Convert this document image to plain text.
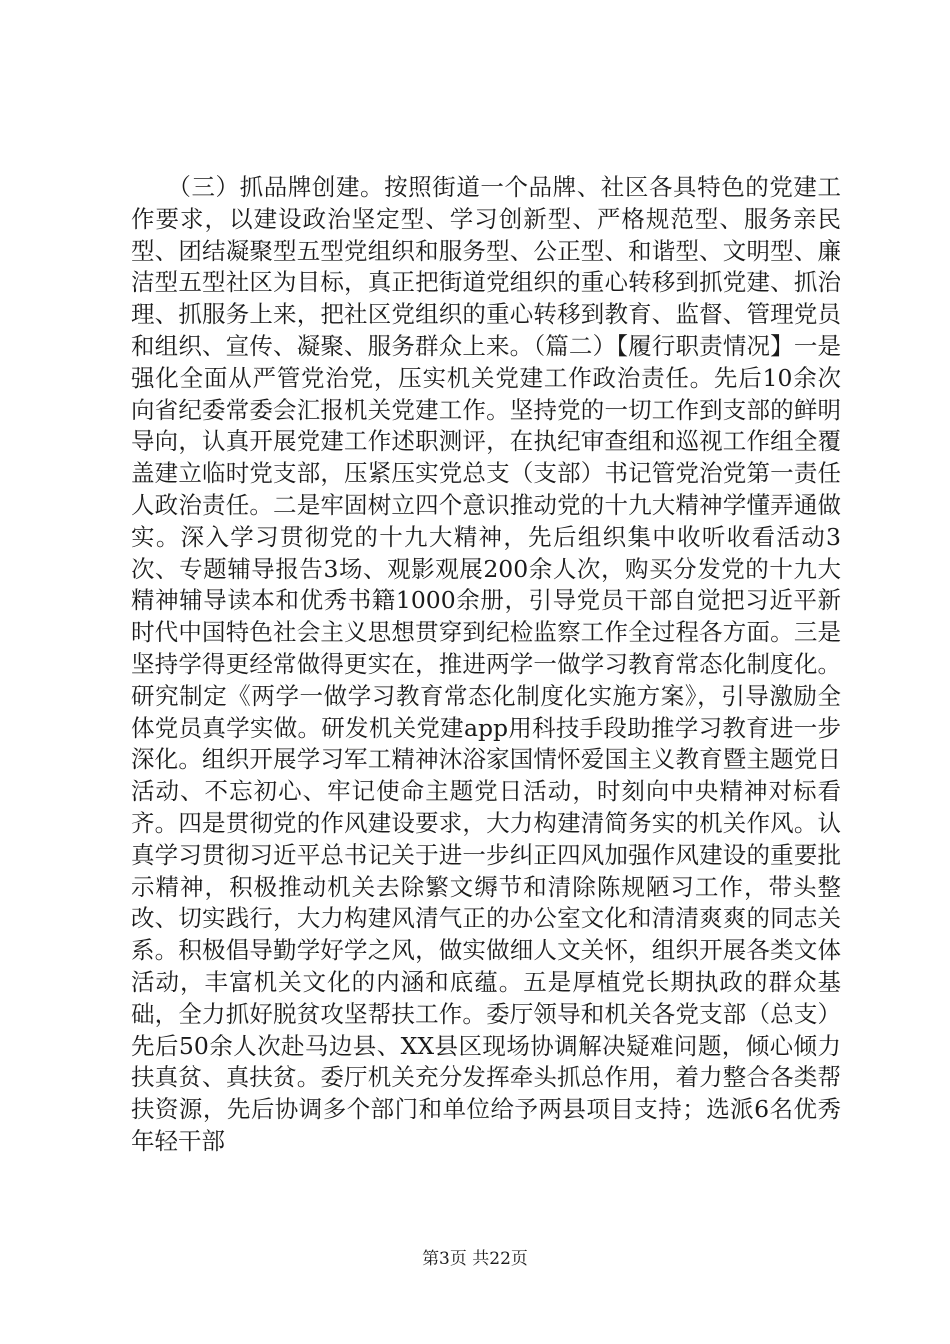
　　（三）抓品牌创建。按照街道一个品牌、社区各具特色的党建工作要求，以建设政治坚定型、学习创新型、严格规范型、服务亲民型、团结凝聚型五型党组织和服务型、公正型、和谐型、文明型、廉洁型五型社区为目标，真正把街道党组织的重心转移到抓党建、抓治理、抓服务上来，把社区党组织的重心转移到教育、监督、管理党员和组织、宣传、凝聚、服务群众上来。（篇二）【履行职责情况】一是强化全面从严管党治党，压实机关党建工作政治责任。先后10余次向省纪委常委会汇报机关党建工作。坚持党的一切工作到支部的鲜明导向，认真开展党建工作述职测评，在执纪审查组和巡视工作组全覆盖建立临时党支部，压紧压实党总支（支部）书记管党治党第一责任人政治责任。二是牢固树立四个意识推动党的十九大精神学懂弄通做实。深入学习贯彻党的十九大精神，先后组织集中收听收看活动3次、专题辅导报告3场、观影观展200余人次，购买分发党的十九大精神辅导读本和优秀书籍1000余册，引导党员干部自觉把习近平新时代中国特色社会主义思想贯穿到纪检监察工作全过程各方面。三是坚持学得更经常做得更实在，推进两学一做学习教育常态化制度化。研究制定《两学一做学习教育常态化制度化实施方案》，引导激励全体党员真学实做。研发机关党建app用科技手段助推学习教育进一步深化。组织开展学习军工精神沐浴家国情怀爱国主义教育暨主题党日活动、不忘初心、牢记使命主题党日活动，时刻向中央精神对标看齐。四是贯彻党的作风建设要求，大力构建清简务实的机关作风。认真学习贯彻习近平总书记关于进一步纠正四风加强作风建设的重要批示精神，积极推动机关去除繁文缛节和清除陈规陋习工作，带头整改、切实践行，大力构建风清气正的办公室文化和清清爽爽的同志关系。积极倡导勤学好学之风，做实做细人文关怀，组织开展各类文体活动，丰富机关文化的内涵和底蕴。五是厚植党长期执政的群众基础，全力抓好脱贫攻坚帮扶工作。委厅领导和机关各党支部（总支）先后50余人次赴马边县、XX县区现场协调解决疑难问题，倾心倾力扶真贫、真扶贫。委厅机关充分发挥牵头抓总作用，着力整合各类帮扶资源，先后协调多个部门和单位给予两县项目支持；选派6名优秀年轻干部

第3页 共22页
